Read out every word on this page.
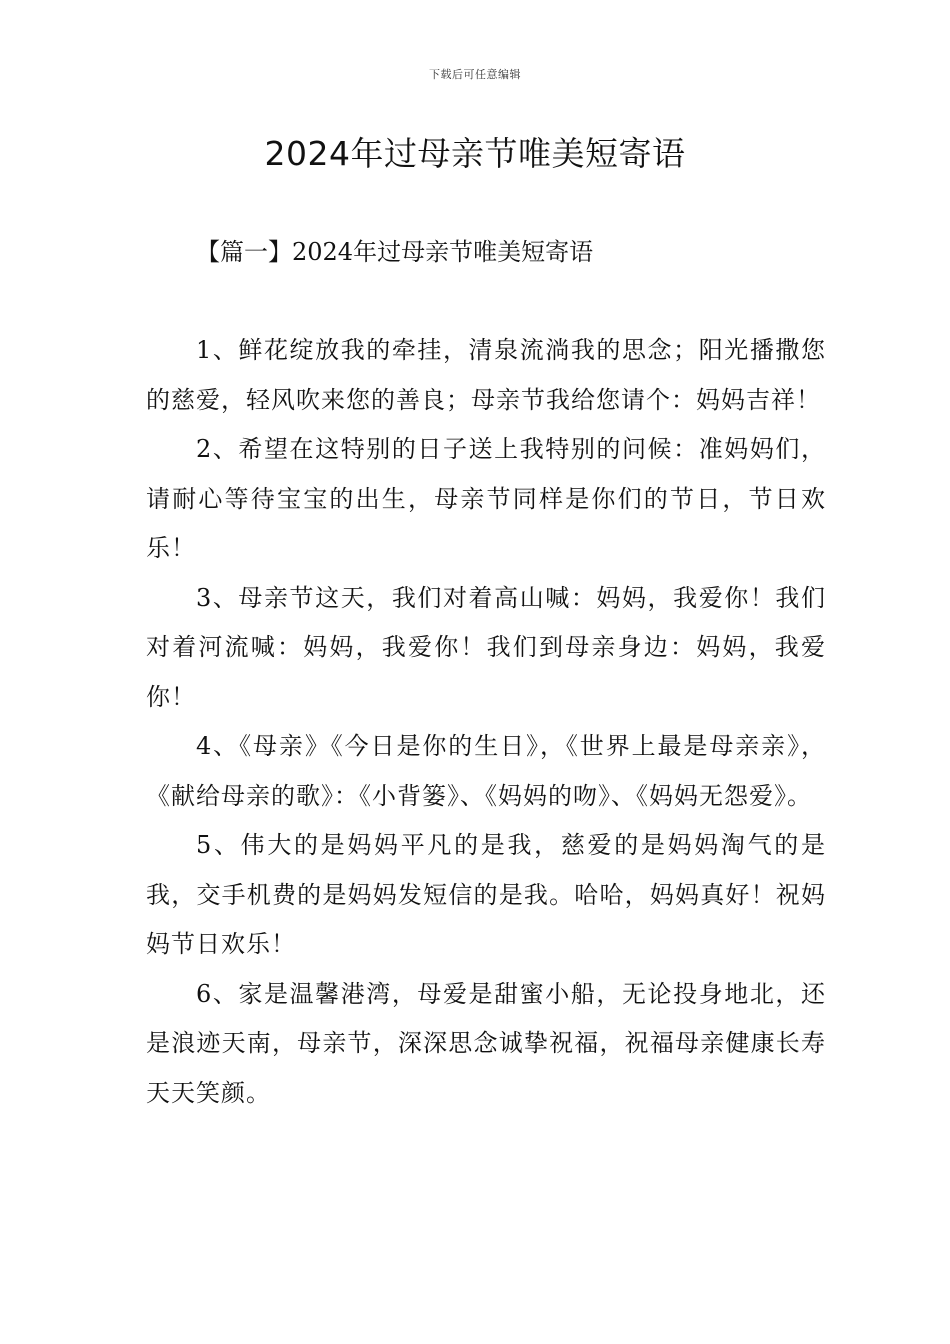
下载后可任意编辑
2024年过母亲节唯美短寄语
【篇一】2024年过母亲节唯美短寄语

1、鲜花绽放我的牵挂，清泉流淌我的思念；阳光播撒您的慈爱，轻风吹来您的善良；母亲节我给您请个：妈妈吉祥！

2、希望在这特别的日子送上我特别的问候：准妈妈们，请耐心等待宝宝的出生，母亲节同样是你们的节日，节日欢乐！

3、母亲节这天，我们对着高山喊：妈妈，我爱你！我们对着河流喊：妈妈，我爱你！我们到母亲身边：妈妈，我爱你！

4、《母亲》《今日是你的生日》，《世界上最是母亲亲》，《献给母亲的歌》：《小背篓》、《妈妈的吻》、《妈妈无怨爱》。

5、伟大的是妈妈平凡的是我，慈爱的是妈妈淘气的是我，交手机费的是妈妈发短信的是我。哈哈，妈妈真好！祝妈妈节日欢乐！

6、家是温馨港湾，母爱是甜蜜小船，无论投身地北，还是浪迹天南，母亲节，深深思念诚挚祝福，祝福母亲健康长寿天天笑颜。
